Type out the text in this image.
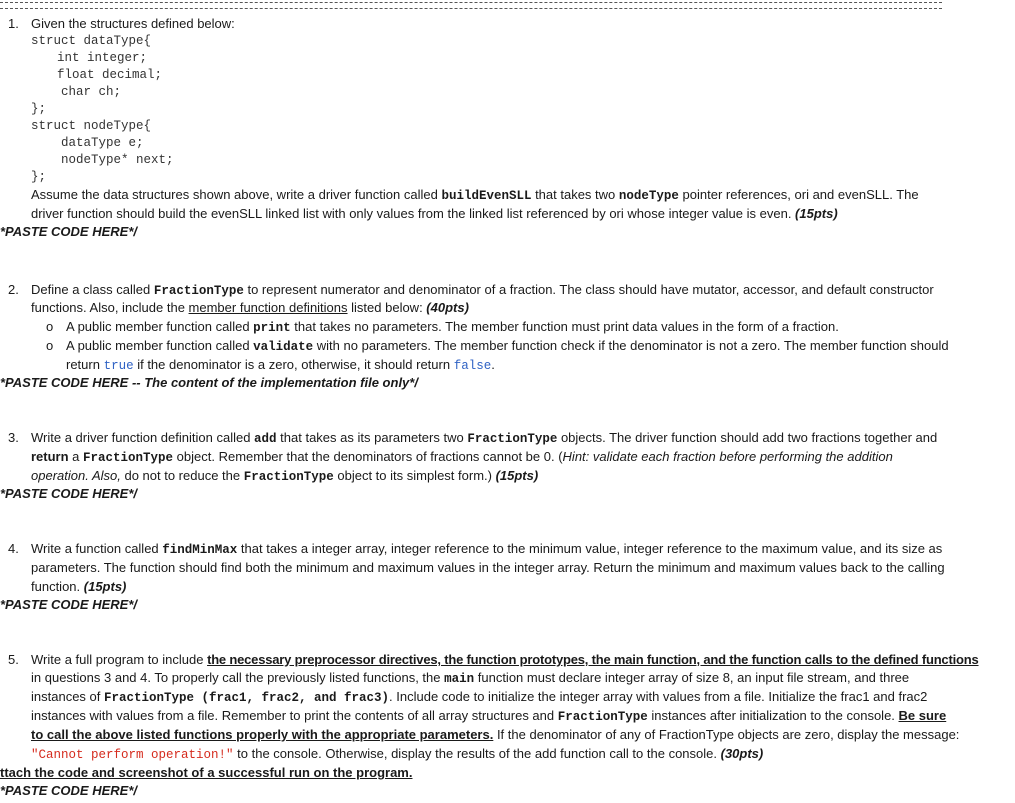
1. Given the structures defined below:
struct dataType{
int integer;
float decimal;
char ch;
};
struct nodeType{
dataType e;
nodeType* next;
};
Assume the data structures shown above, write a driver function called buildEvenSLL that takes two nodeType pointer references, ori and evenSLL. The
driver function should build the evenSLL linked list with only values from the linked list referenced by ori whose integer value is even. (15pts)
*PASTE CODE HERE*/
2. Define a class called FractionType to represent numerator and denominator of a fraction. The class should have mutator, accessor, and default constructor
functions. Also, include the member function definitions listed below: (40pts)
o A public member function called print that takes no parameters. The member function must print data values in the form of a fraction.
o A public member function called validate with no parameters. The member function check if the denominator is not a zero. The member function should
return true if the denominator is a zero, otherwise, it should return false.
*PASTE CODE HERE -- The content of the implementation file only*/
3. Write a driver function definition called add that takes as its parameters two FractionType objects. The driver function should add two fractions together and
return a FractionType object. Remember that the denominators of fractions cannot be 0. (Hint: validate each fraction before performing the addition
operation. Also, do not to reduce the FractionType object to its simplest form.) (15pts)
*PASTE CODE HERE*/
4. Write a function called findMinMax that takes a integer array, integer reference to the minimum value, integer reference to the maximum value, and its size as
parameters. The function should find both the minimum and maximum values in the integer array. Return the minimum and maximum values back to the calling
function. (15pts)
*PASTE CODE HERE*/
5. Write a full program to include the necessary preprocessor directives, the function prototypes, the main function, and the function calls to the defined functions
in questions 3 and 4. To properly call the previously listed functions, the main function must declare integer array of size 8, an input file stream, and three
instances of FractionType (frac1, frac2, and frac3). Include code to initialize the integer array with values from a file. Initialize the frac1 and frac2
instances with values from a file. Remember to print the contents of all array structures and FractionType instances after initialization to the console. Be sure
to call the above listed functions properly with the appropriate parameters. If the denominator of any of FractionType objects are zero, display the message:
"Cannot perform operation!" to the console. Otherwise, display the results of the add function call to the console. (30pts)
ttach the code and screenshot of a successful run on the program.
*PASTE CODE HERE*/
